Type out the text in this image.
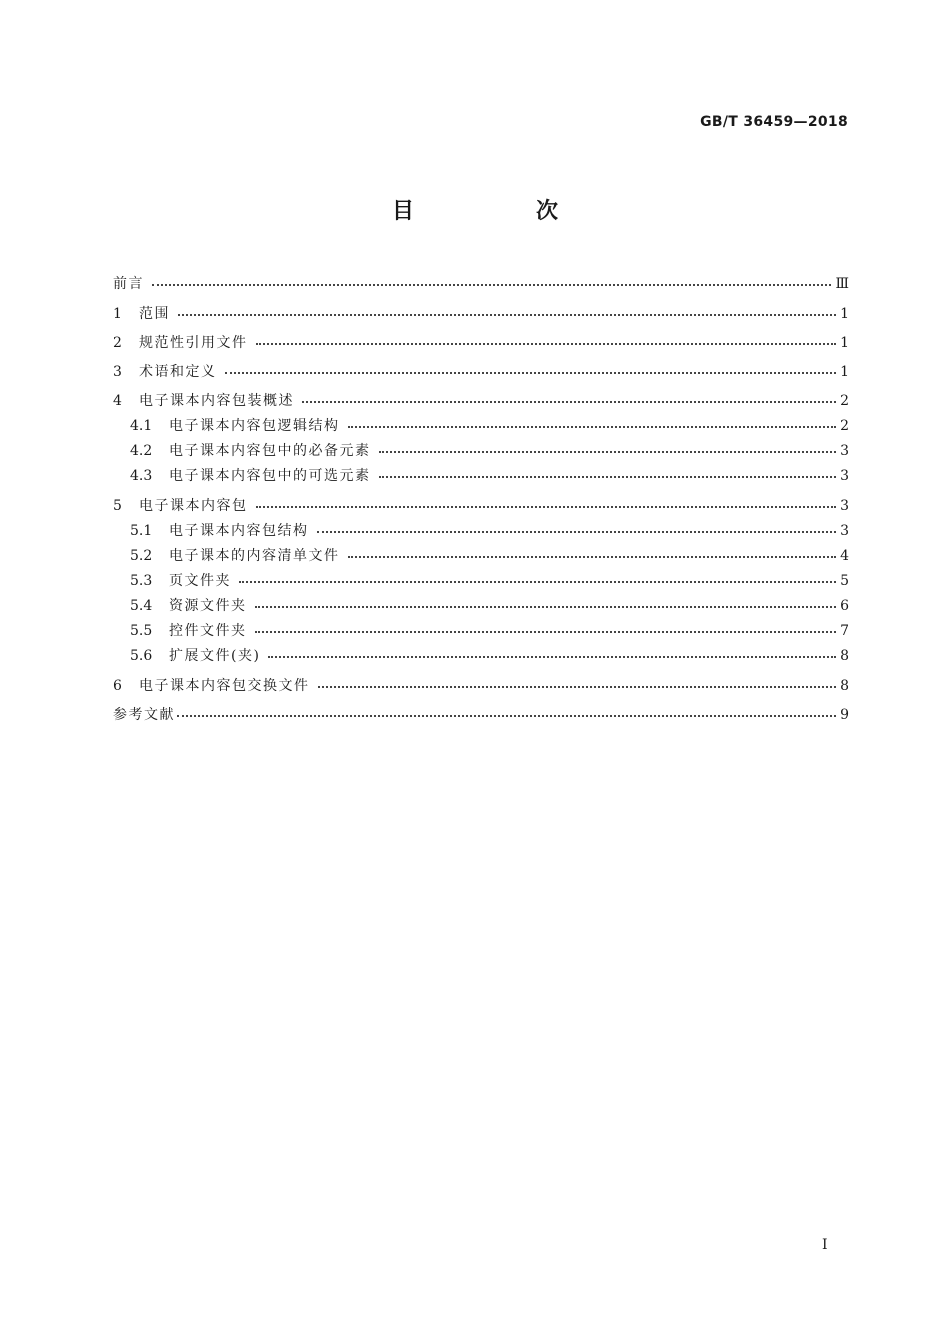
GB/T 36459—2018
目　次
前言	Ⅲ
1	范围	1
2	规范性引用文件	1
3	术语和定义	1
4	电子课本内容包装概述	2
4.1	电子课本内容包逻辑结构	2
4.2	电子课本内容包中的必备元素	3
4.3	电子课本内容包中的可选元素	3
5	电子课本内容包	3
5.1	电子课本内容包结构	3
5.2	电子课本的内容清单文件	4
5.3	页文件夹	5
5.4	资源文件夹	6
5.5	控件文件夹	7
5.6	扩展文件(夹)	8
6	电子课本内容包交换文件	8
参考文献	9
Ⅰ
